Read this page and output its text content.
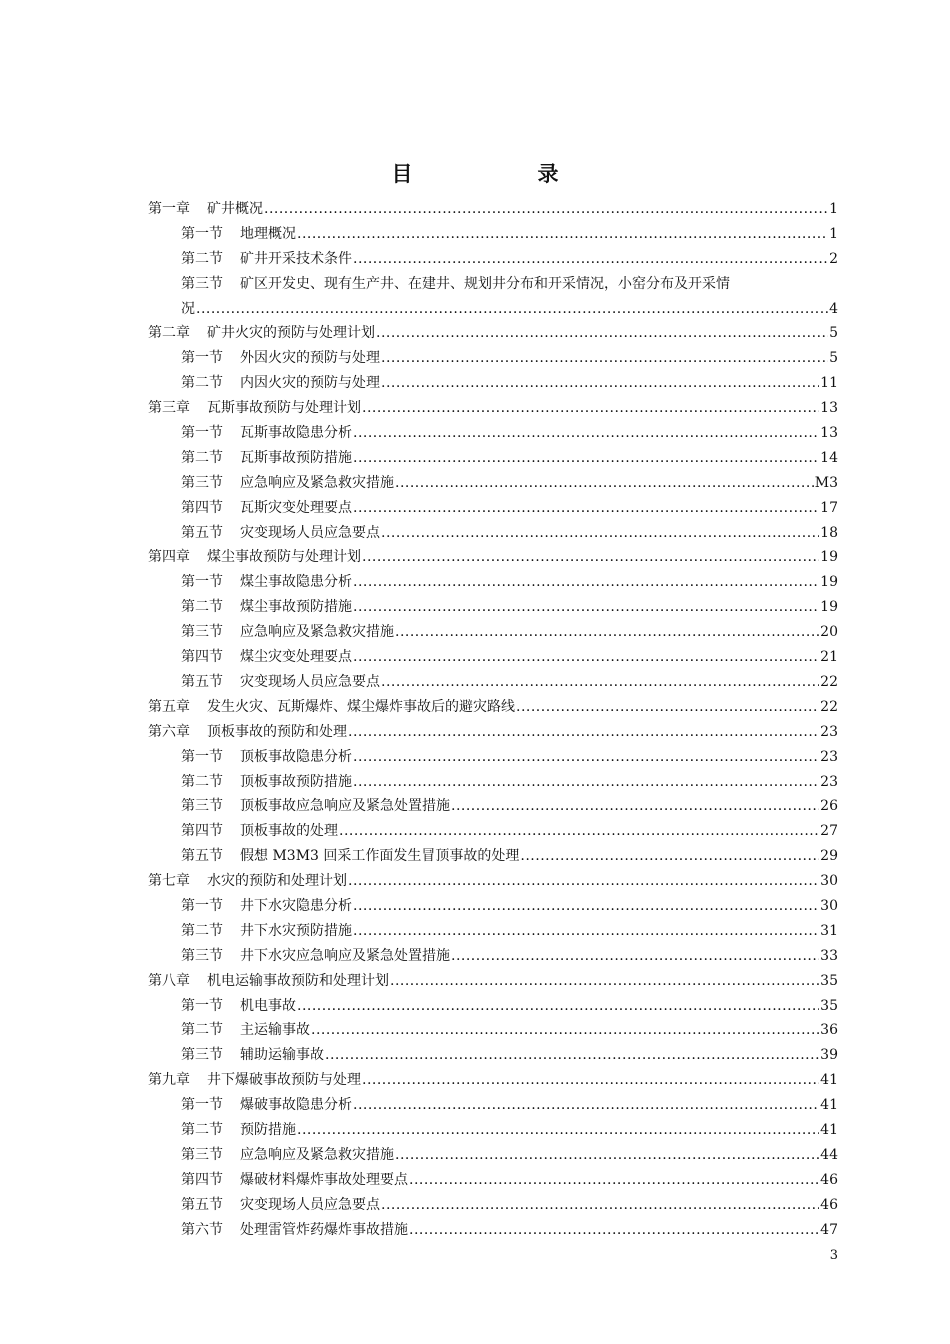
目　录
第一章 矿井概况 .....	1
第一节 地理概况 .....	1
第二节 矿井开采技术条件 .....	2
第三节 矿区开发史、现有生产井、在建井、规划井分布和开采情况，小窑分布及开采情
况 .....	4
第二章 矿井火灾的预防与处理计划 .....	5
第一节 外因火灾的预防与处理 .....	5
第二节 内因火灾的预防与处理 .....	11
第三章 瓦斯事故预防与处理计划 .....	13
第一节 瓦斯事故隐患分析 .....	13
第二节 瓦斯事故预防措施 .....	14
第三节 应急响应及紧急救灾措施 .....	M3
第四节 瓦斯灾变处理要点 .....	17
第五节 灾变现场人员应急要点 .....	18
第四章 煤尘事故预防与处理计划 .....	19
第一节 煤尘事故隐患分析 .....	19
第二节 煤尘事故预防措施 .....	19
第三节 应急响应及紧急救灾措施 .....	20
第四节 煤尘灾变处理要点 .....	21
第五节 灾变现场人员应急要点 .....	22
第五章 发生火灾、瓦斯爆炸、煤尘爆炸事故后的避灾路线 .....	22
第六章 顶板事故的预防和处理 .....	23
第一节 顶板事故隐患分析 .....	23
第二节 顶板事故预防措施 .....	23
第三节 顶板事故应急响应及紧急处置措施 .....	26
第四节 顶板事故的处理 .....	27
第五节 假想 M3M3 回采工作面发生冒顶事故的处理 .....	29
第七章 水灾的预防和处理计划 .....	30
第一节 井下水灾隐患分析 .....	30
第二节 井下水灾预防措施 .....	31
第三节 井下水灾应急响应及紧急处置措施 .....	33
第八章 机电运输事故预防和处理计划 .....	35
第一节 机电事故 .....	35
第二节 主运输事故 .....	36
第三节 辅助运输事故 .....	39
第九章 井下爆破事故预防与处理 .....	41
第一节 爆破事故隐患分析 .....	41
第二节 预防措施 .....	41
第三节 应急响应及紧急救灾措施 .....	44
第四节 爆破材料爆炸事故处理要点 .....	46
第五节 灾变现场人员应急要点 .....	46
第六节 处理雷管炸药爆炸事故措施 .....	47
3
